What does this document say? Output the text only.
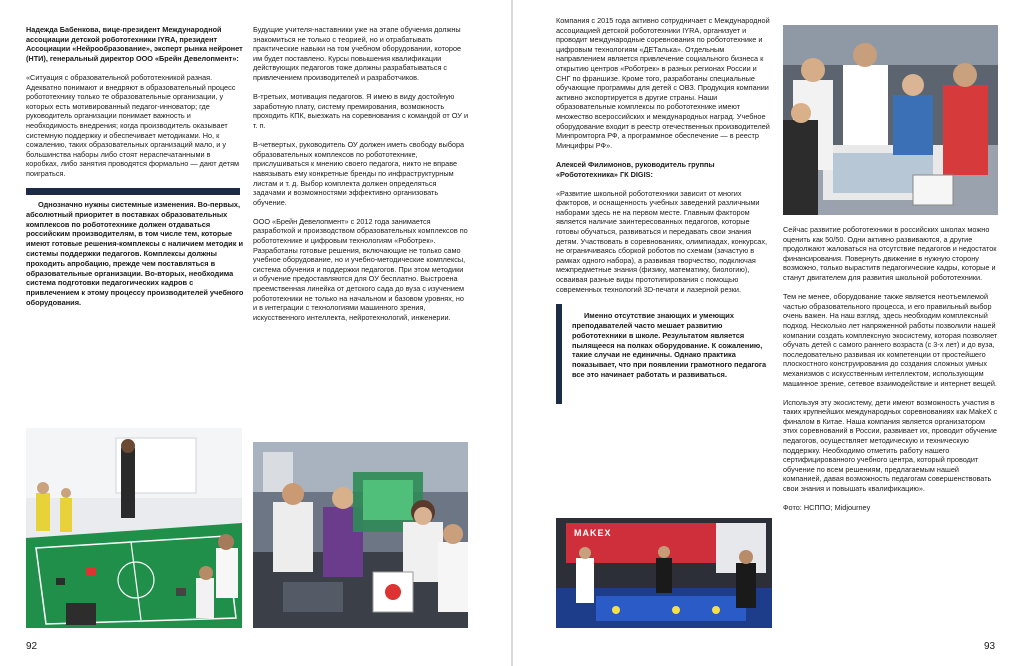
Надежда Бабенкова, вице-президент Международной ассоциации детской робототехники IYRA, президент Ассоциации «Нейрообразование», эксперт рынка нейронет (НТИ), генеральный директор ООО «Брейн Девелопмент»:

«Ситуация с образовательной робототехникой разная. Адекватно понимают и внедряют в образовательный процесс робототехнику только те образовательные организации, у которых есть мотивированный педагог-инноватор; где руководитель организации понимает важность и необходимость внедрения; когда производитель оказывает системную поддержку и обеспечивает методиками. Но, к сожалению, таких образовательных организаций мало, и у большинства наборы либо стоят нераспечатанными в коробках, либо занятия проводятся формально — дают детям поиграться.

Однозначно нужны системные изменения. Во-первых, абсолютный приоритет в поставках образовательных комплексов по робототехнике должен отдаваться российским производителям, в том числе тем, которые имеют готовые решения-комплексы с наличием методик и системы поддержки педагогов. Комплексы должны проходить апробацию, прежде чем поставляться в образовательные организации. Во-вторых, необходима система подготовки педагогических кадров с привлечением к этому процессу производителей учебного оборудования.

Будущие учителя-наставники уже на этапе обучения должны знакомиться не только с теорией, но и отрабатывать практические навыки на том учебном оборудовании, которое им будет поставлено. Курсы повышения квалификации действующих педагогов тоже должны разрабатываться с привлечением производителей и разработчиков.

В-третьих, мотивация педагогов. Я имею в виду достойную заработную плату, систему премирования, возможность проходить КПК, выезжать на соревнования с командой от ОУ и т. п.

В-четвертых, руководитель ОУ должен иметь свободу выбора образовательных комплексов по робототехнике, прислушиваться к мнению своего педагога, никто не вправе навязывать ему конкретные бренды по инфраструктурным листам и т. д. Выбор комплекта должен определяться задачами и возможностями эффективно организовать обучение.

ООО «Брейн Девелопмент» с 2012 года занимается разработкой и производством образовательных комплексов по робототехнике и цифровым технологиям «Роботрек». Разработаны готовые решения, включающие не только само учебное оборудование, но и учебно-методические комплексы, система обучения и поддержки педагогов. При этом методики и обучение предоставляются для ОУ бесплатно. Выстроена преемственная линейка от детского сада до вуза с изучением робототехники не только на начальном и базовом уровнях, но и в интеграции с технологиями машинного зрения, искусственного интеллекта, нейротехнологий, инженерии.

92

Компания с 2015 года активно сотрудничает с Международной ассоциацией детской робототехники IYRA, организует и проводит международные соревнования по робототехнике и цифровым технологиям «ДЕТалька». Отдельным направлением является привлечение социального бизнеса к открытию центров «Роботрек» в разных регионах России и СНГ по франшизе. Кроме того, разработаны специальные обучающие программы для детей с ОВЗ. Продукция компании активно экспортируется в другие страны. Наши образовательные комплексы по робототехнике имеют множество всероссийских и международных наград. Учебное оборудование входит в реестр отечественных производителей Минпромторга РФ, а программное обеспечение — в реестр Минцифры РФ».

Алексей Филимонов, руководитель группы «Робототехника» ГК DIGIS:

«Развитие школьной робототехники зависит от многих факторов, и оснащенность учебных заведений различными наборами здесь не на первом месте. Главным фактором является наличие заинтересованных педагогов, которые готовы обучаться, развиваться и передавать свои знания детям. Участвовать в соревнованиях, олимпиадах, конкурсах, не ограничиваясь сборкой роботов по схемам (зачастую в рамках одного набора), а развивая творчество, подключая межпредметные знания (физику, математику, биологию), осваивая разные виды прототипирования с помощью современных технологий 3D-печати и лазерной резки.

Именно отсутствие знающих и умеющих преподавателей часто мешает развитию робототехники в школе. Результатом является пылящееся на полках оборудование. К сожалению, такие случаи не единичны. Однако практика показывает, что при появлении грамотного педагога все это начинает работать и развиваться.
MAKEX

Сейчас развитие робототехники в российских школах можно оценить как 50/50. Одни активно развиваются, а другие продолжают жаловаться на отсутствие педагогов и недостаток финансирования. Повернуть движение в нужную сторону возможно, только выраститв педагогические кадры, которые и станут двигателем для развития школьной робототехники.

Тем не менее, оборудование также является неотъемлемой частью образовательного процесса, и его правильный выбор очень важен. На наш взгляд, здесь необходим комплексный подход. Несколько лет напряженной работы позволили нашей компании создать комплексную экосистему, которая позволяет обучать детей с самого раннего возраста (с 3-х лет) и до вуза, последовательно развивая их компетенции от простейшего плоскостного конструирования до создания сложных умных механизмов с искусственным интеллектом, использующим машинное зрение, сетевое взаимодействие и интернет вещей.

Используя эту экосистему, дети имеют возможность участия в таких крупнейших международных соревнованиях как MakeX с финалом в Китае. Наша компания является организатором этих соревнований в России, развивает их, проводит обучение педагогов, осуществляет методическую и техническую поддержку. Необходимо отметить работу нашего сертифицированного учебного центра, который проводит обучение по всем решениям, предлагаемым нашей компанией, давая возможность педагогам совершенствовать свои знания и повышать квалификацию».

Фото: НСППО; Midjourney

93
